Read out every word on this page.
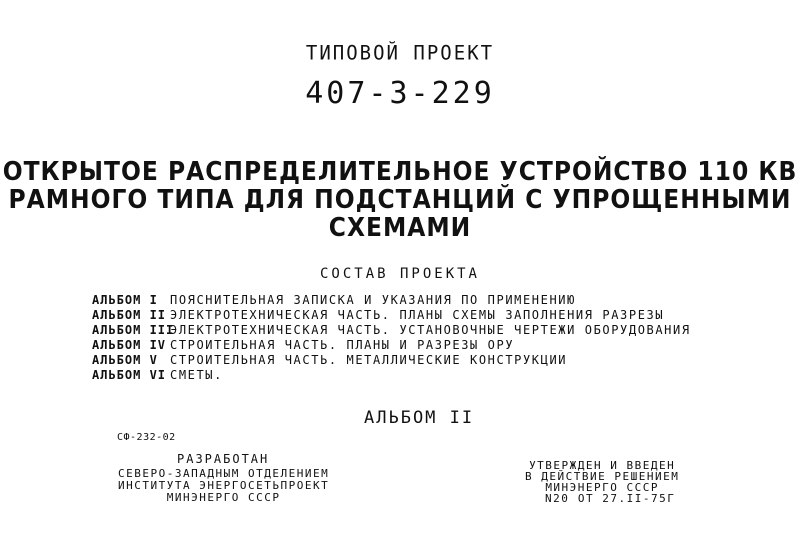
ТИПОВОЙ ПРОЕКТ
407-3-229
ОТКРЫТОЕ РАСПРЕДЕЛИТЕЛЬНОЕ УСТРОЙСТВО 110 КВ
РАМНОГО ТИПА ДЛЯ ПОДСТАНЦИЙ С УПРОЩЕННЫМИ
СХЕМАМИ
СОСТАВ ПРОЕКТА
АЛЬБОМ I	ПОЯСНИТЕЛЬНАЯ ЗАПИСКА И УКАЗАНИЯ ПО ПРИМЕНЕНИЮ
АЛЬБОМ II ЭЛЕКТРОТЕХНИЧЕСКАЯ ЧАСТЬ. ПЛАНЫ СХЕМЫ ЗАПОЛНЕНИЯ РАЗРЕЗЫ
АЛЬБОМ III
ЭЛЕКТРОТЕХНИЧЕСКАЯ ЧАСТЬ. УСТАНОВОЧНЫЕ ЧЕРТЕЖИ ОБОРУДОВАНИЯ
АЛЬБОМ IV СТРОИТЕЛЬНАЯ ЧАСТЬ. ПЛАНЫ И РАЗРЕЗЫ ОРУ
АЛЬБОМ V	СТРОИТЕЛЬНАЯ ЧАСТЬ. МЕТАЛЛИЧЕСКИЕ КОНСТРУКЦИИ
АЛЬБОМ VI СМЕТЫ.
АЛЬБОМ II
СФ-232-02
РАЗРАБОТАН
СЕВЕРО-ЗАПАДНЫМ ОТДЕЛЕНИЕМ
ИНСТИТУТА ЭНЕРГОСЕТЬПРОЕКТ
МИНЭНЕРГО СССР
УТВЕРЖДЕН И ВВЕДЕН
В ДЕЙСТВИЕ РЕШЕНИЕМ
МИНЭНЕРГО СССР
N20 ОТ 27.II-75Г
